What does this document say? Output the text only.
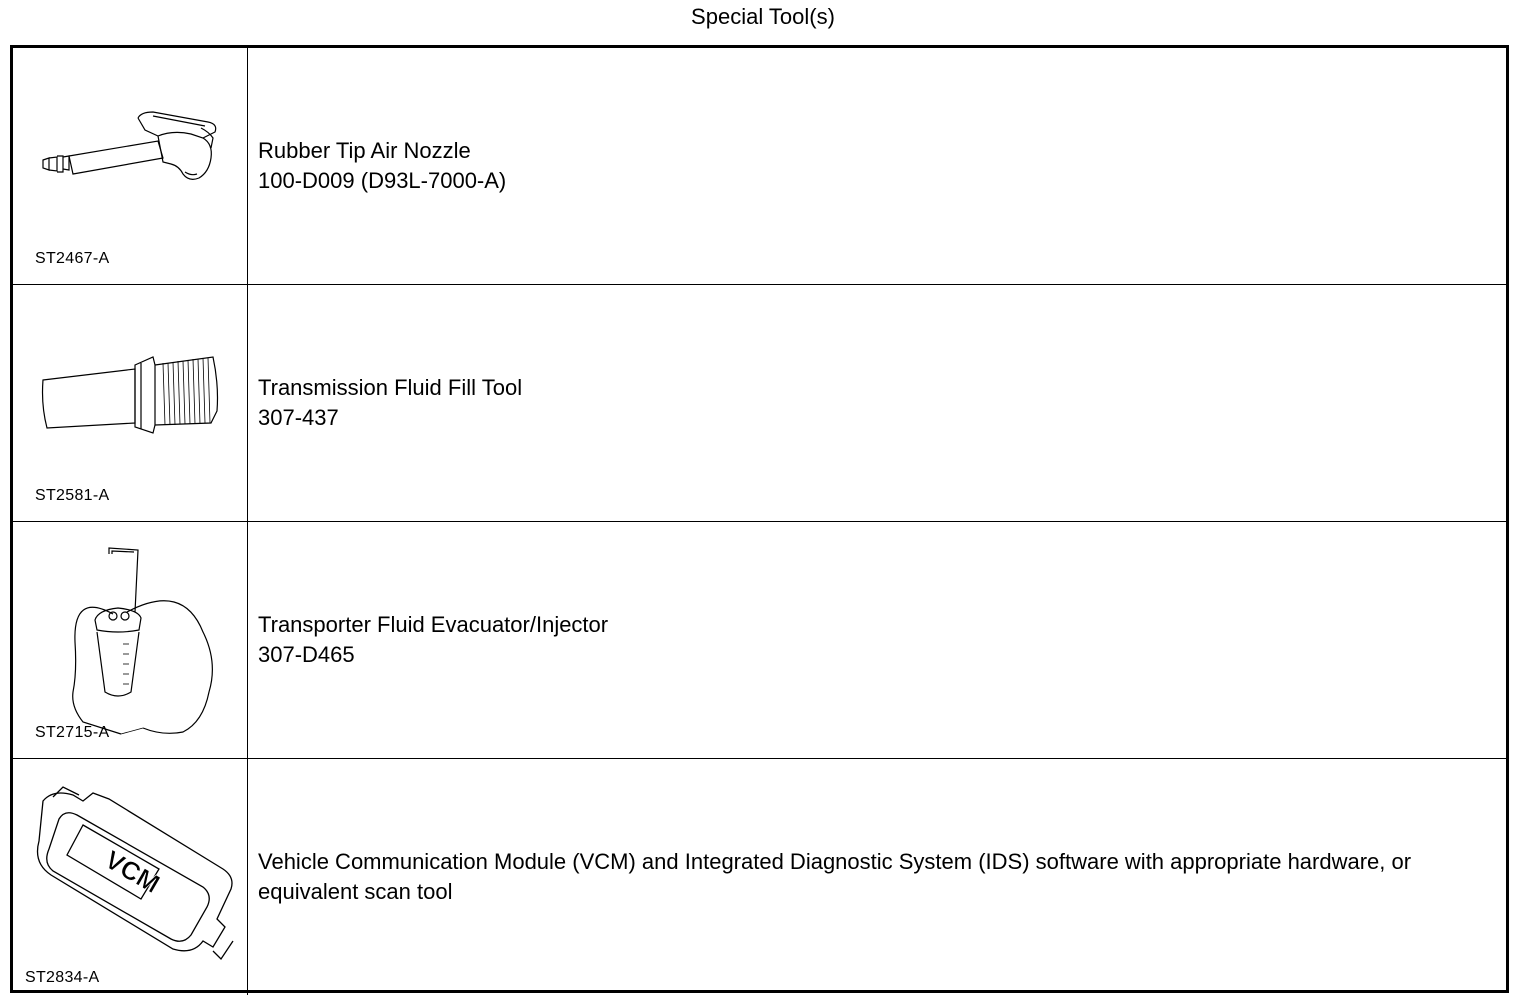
Special Tool(s)
ST2467-A
Rubber Tip Air Nozzle
100-D009 (D93L-7000-A)
ST2581-A
Transmission Fluid Fill Tool
307-437
ST2715-A
Transporter Fluid Evacuator/Injector
307-D465
VCM
ST2834-A
Vehicle Communication Module (VCM) and Integrated Diagnostic System (IDS) software with appropriate hardware, or equivalent scan tool
